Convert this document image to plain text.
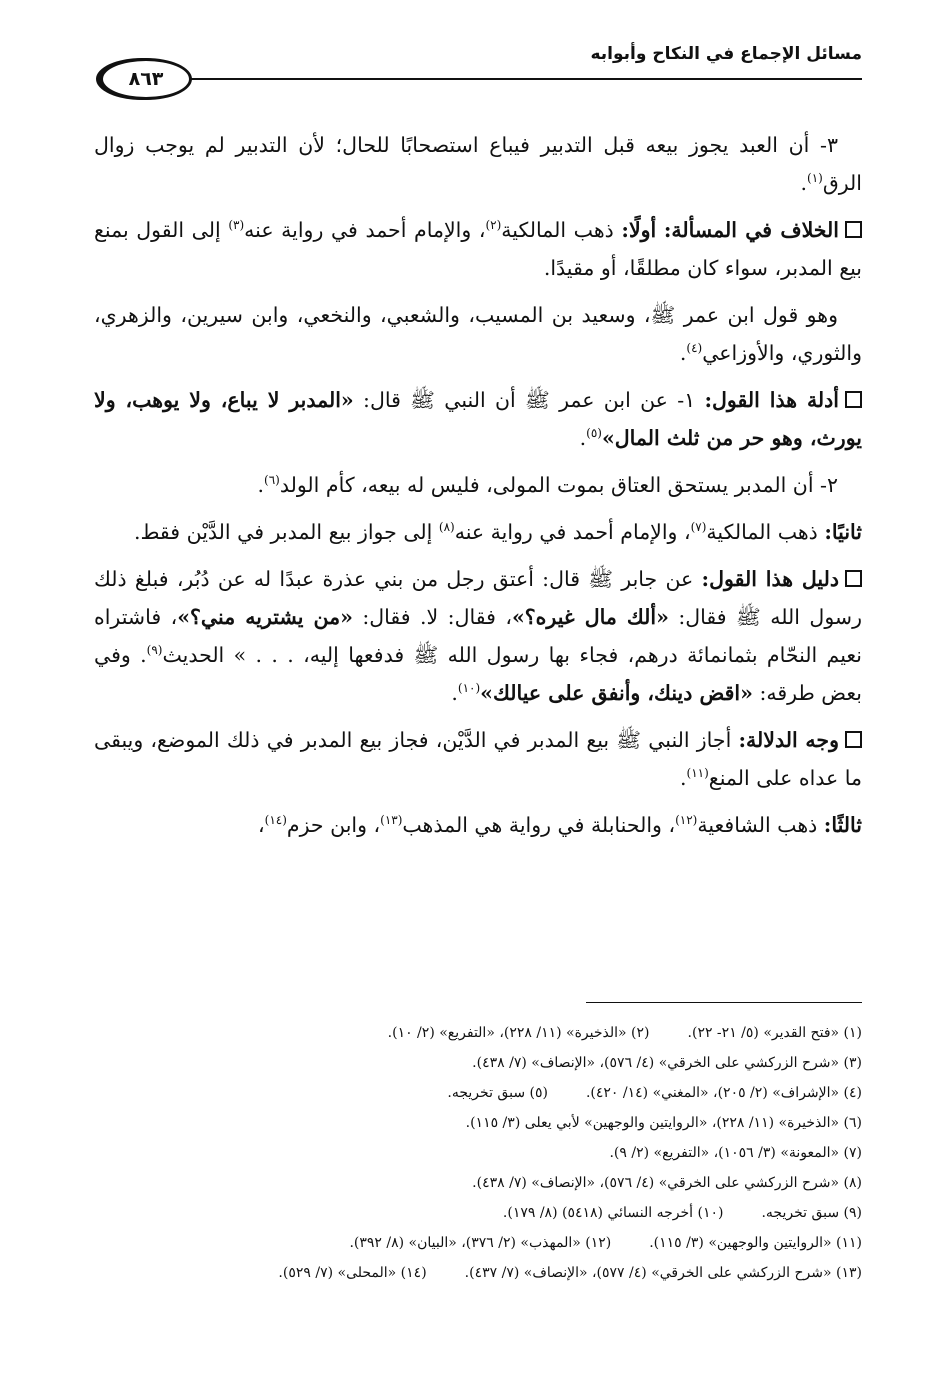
مسائل الإجماع في النكاح وأبوابه
٨٦٣

٣- أن العبد يجوز بيعه قبل التدبير فيباع استصحابًا للحال؛ لأن التدبير لم يوجب زوال الرق$^{(١)}$.

الخلاف في المسألة: أولًا: ذهب المالكية$^{(٢)}$، والإمام أحمد في رواية عنه$^{(٣)}$ إلى القول بمنع بيع المدبر، سواء كان مطلقًا، أو مقيدًا.

وهو قول ابن عمر ﷺ، وسعيد بن المسيب، والشعبي، والنخعي، وابن سيرين، والزهري، والثوري، والأوزاعي$^{(٤)}$.

أدلة هذا القول: ١- عن ابن عمر ﷺ أن النبي ﷺ قال: «المدبر لا يباع، ولا يوهب، ولا يورث، وهو حر من ثلث المال»$^{(٥)}$.

٢- أن المدبر يستحق العتاق بموت المولى، فليس له بيعه، كأم الولد$^{(٦)}$.

ثانيًا: ذهب المالكية$^{(٧)}$، والإمام أحمد في رواية عنه$^{(٨)}$ إلى جواز بيع المدبر في الدَّيْن فقط.

دليل هذا القول: عن جابر ﷺ قال: أعتق رجل من بني عذرة عبدًا له عن دُبُر، فبلغ ذلك رسول الله ﷺ فقال: «ألك مال غيره؟»، فقال: لا. فقال: «من يشتريه مني؟»، فاشتراه نعيم النحّام بثمانمائة درهم، فجاء بها رسول الله ﷺ فدفعها إليه، . . . » الحديث$^{(٩)}$. وفي بعض طرقه: «اقض دينك، وأنفق على عيالك»$^{(١٠)}$.

وجه الدلالة: أجاز النبي ﷺ بيع المدبر في الدَّيْن، فجاز بيع المدبر في ذلك الموضع، ويبقى ما عداه على المنع$^{(١١)}$.

ثالثًا: ذهب الشافعية$^{(١٢)}$، والحنابلة في رواية هي المذهب$^{(١٣)}$، وابن حزم$^{(١٤)}$،

(١) «فتح القدير» (٥/ ٢١- ٢٢).
(٢) «الذخيرة» (١١/ ٢٢٨)، «التفريع» (٢/ ١٠).
(٣) «شرح الزركشي على الخرقي» (٤/ ٥٧٦)، «الإنصاف» (٧/ ٤٣٨).
(٤) «الإشراف» (٢/ ٢٠٥)، «المغني» (١٤/ ٤٢٠).
(٥) سبق تخريجه.
(٦) «الذخيرة» (١١/ ٢٢٨)، «الروايتين والوجهين» لأبي يعلى (٣/ ١١٥).
(٧) «المعونة» (٣/ ١٠٥٦)، «التفريع» (٢/ ٩).
(٨) «شرح الزركشي على الخرقي» (٤/ ٥٧٦)، «الإنصاف» (٧/ ٤٣٨).
(٩) سبق تخريجه.
(١٠) أخرجه النسائي (٥٤١٨) (٨/ ١٧٩).
(١١) «الروايتين والوجهين» (٣/ ١١٥).
(١٢) «المهذب» (٢/ ٣٧٦)، «البيان» (٨/ ٣٩٢).
(١٣) «شرح الزركشي على الخرقي» (٤/ ٥٧٧)، «الإنصاف» (٧/ ٤٣٧).
(١٤) «المحلى» (٧/ ٥٢٩).
